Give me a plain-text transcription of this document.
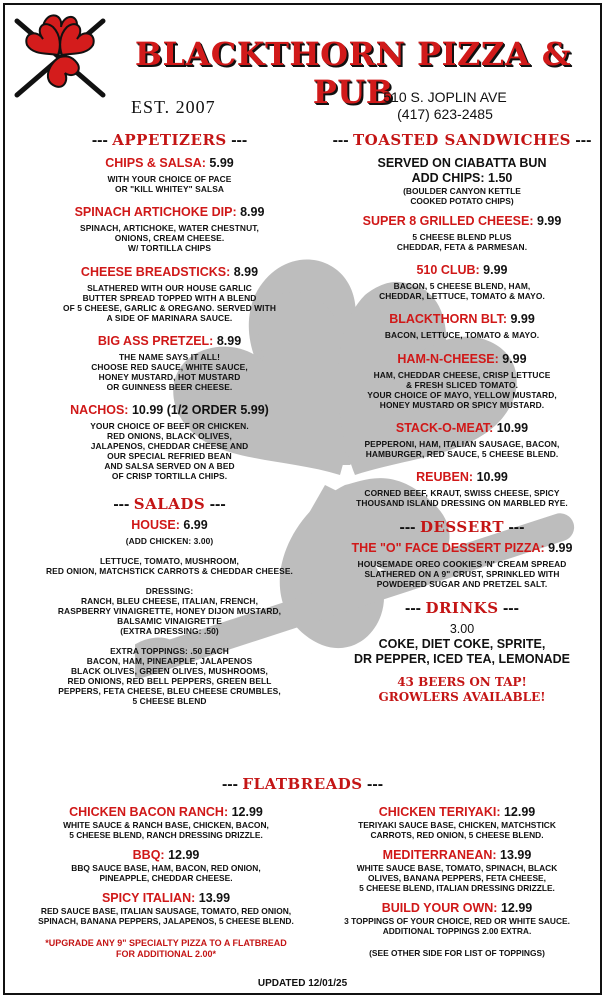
BLACKTHORN PIZZA & PUB
EST. 2007	510 S. JOPLIN AVE
(417) 623-2485
--- APPETIZERS ---
CHIPS & SALSA: 5.99
WITH YOUR CHOICE OF PACE
OR "KILL WHITEY" SALSA
SPINACH ARTICHOKE DIP: 8.99
SPINACH, ARTICHOKE, WATER CHESTNUT,
ONIONS, CREAM CHEESE.
W/ TORTILLA CHIPS
CHEESE BREADSTICKS: 8.99
SLATHERED WITH OUR HOUSE GARLIC
BUTTER SPREAD TOPPED WITH A BLEND
OF 5 CHEESE, GARLIC & OREGANO. SERVED WITH
A SIDE OF MARINARA SAUCE.
BIG ASS PRETZEL: 8.99
THE NAME SAYS IT ALL!
CHOOSE RED SAUCE, WHITE SAUCE,
HONEY MUSTARD, HOT MUSTARD
OR GUINNESS BEER CHEESE.
NACHOS: 10.99 (1/2 ORDER 5.99)
YOUR CHOICE OF BEEF OR CHICKEN.
RED ONIONS, BLACK OLIVES,
JALAPENOS, CHEDDAR CHEESE AND
OUR SPECIAL REFRIED BEAN
AND SALSA SERVED ON A BED
OF CRISP TORTILLA CHIPS.
--- SALADS ---
HOUSE: 6.99
(ADD CHICKEN: 3.00)
LETTUCE, TOMATO, MUSHROOM,
RED ONION, MATCHSTICK CARROTS & CHEDDAR CHEESE.
DRESSING:
RANCH, BLEU CHEESE, ITALIAN, FRENCH,
RASPBERRY VINAIGRETTE, HONEY DIJON MUSTARD,
BALSAMIC VINAIGRETTE
(EXTRA DRESSING: .50)
EXTRA TOPPINGS: .50 EACH
BACON, HAM, PINEAPPLE, JALAPENOS
BLACK OLIVES, GREEN OLIVES, MUSHROOMS,
RED ONIONS, RED BELL PEPPERS, GREEN BELL
PEPPERS, FETA CHEESE, BLEU CHEESE CRUMBLES,
5 CHEESE BLEND
--- TOASTED SANDWICHES ---
SERVED ON CIABATTA BUN
ADD CHIPS: 1.50
(BOULDER CANYON KETTLE
COOKED POTATO CHIPS)
SUPER 8 GRILLED CHEESE: 9.99
5 CHEESE BLEND PLUS
CHEDDAR, FETA & PARMESAN.
510 CLUB: 9.99
BACON, 5 CHEESE BLEND, HAM,
CHEDDAR, LETTUCE, TOMATO & MAYO.
BLACKTHORN BLT: 9.99
BACON, LETTUCE, TOMATO & MAYO.
HAM-N-CHEESE: 9.99
HAM, CHEDDAR CHEESE, CRISP LETTUCE
& FRESH SLICED TOMATO.
YOUR CHOICE OF MAYO, YELLOW MUSTARD,
HONEY MUSTARD OR SPICY MUSTARD.
STACK-O-MEAT: 10.99
PEPPERONI, HAM, ITALIAN SAUSAGE, BACON,
HAMBURGER, RED SAUCE, 5 CHEESE BLEND.
REUBEN: 10.99
CORNED BEEF, KRAUT, SWISS CHEESE, SPICY
THOUSAND ISLAND DRESSING ON MARBLED RYE.
--- DESSERT ---
THE "O" FACE DESSERT PIZZA: 9.99
HOUSEMADE OREO COOKIES 'N' CREAM SPREAD
SLATHERED ON A 9" CRUST, SPRINKLED WITH
POWDERED SUGAR AND PRETZEL SALT.
--- DRINKS ---
3.00
COKE, DIET COKE, SPRITE,
DR PEPPER, ICED TEA, LEMONADE
43 BEERS ON TAP!
GROWLERS AVAILABLE!
--- FLATBREADS ---
CHICKEN BACON RANCH: 12.99
WHITE SAUCE & RANCH BASE, CHICKEN, BACON,
5 CHEESE BLEND, RANCH DRESSING DRIZZLE.
BBQ: 12.99
BBQ SAUCE BASE, HAM, BACON, RED ONION,
PINEAPPLE, CHEDDAR CHEESE.
SPICY ITALIAN: 13.99
RED SAUCE BASE, ITALIAN SAUSAGE, TOMATO, RED ONION,
SPINACH, BANANA PEPPERS, JALAPENOS, 5 CHEESE BLEND.
*UPGRADE ANY 9" SPECIALTY PIZZA TO A FLATBREAD
FOR ADDITIONAL 2.00*
CHICKEN TERIYAKI: 12.99
TERIYAKI SAUCE BASE, CHICKEN, MATCHSTICK
CARROTS, RED ONION, 5 CHEESE BLEND.
MEDITERRANEAN: 13.99
WHITE SAUCE BASE, TOMATO, SPINACH, BLACK
OLIVES, BANANA PEPPERS, FETA CHEESE,
5 CHEESE BLEND, ITALIAN DRESSING DRIZZLE.
BUILD YOUR OWN: 12.99
3 TOPPINGS OF YOUR CHOICE, RED OR WHITE SAUCE.
ADDITIONAL TOPPINGS 2.00 EXTRA.
(SEE OTHER SIDE FOR LIST OF TOPPINGS)
UPDATED 12/01/25
